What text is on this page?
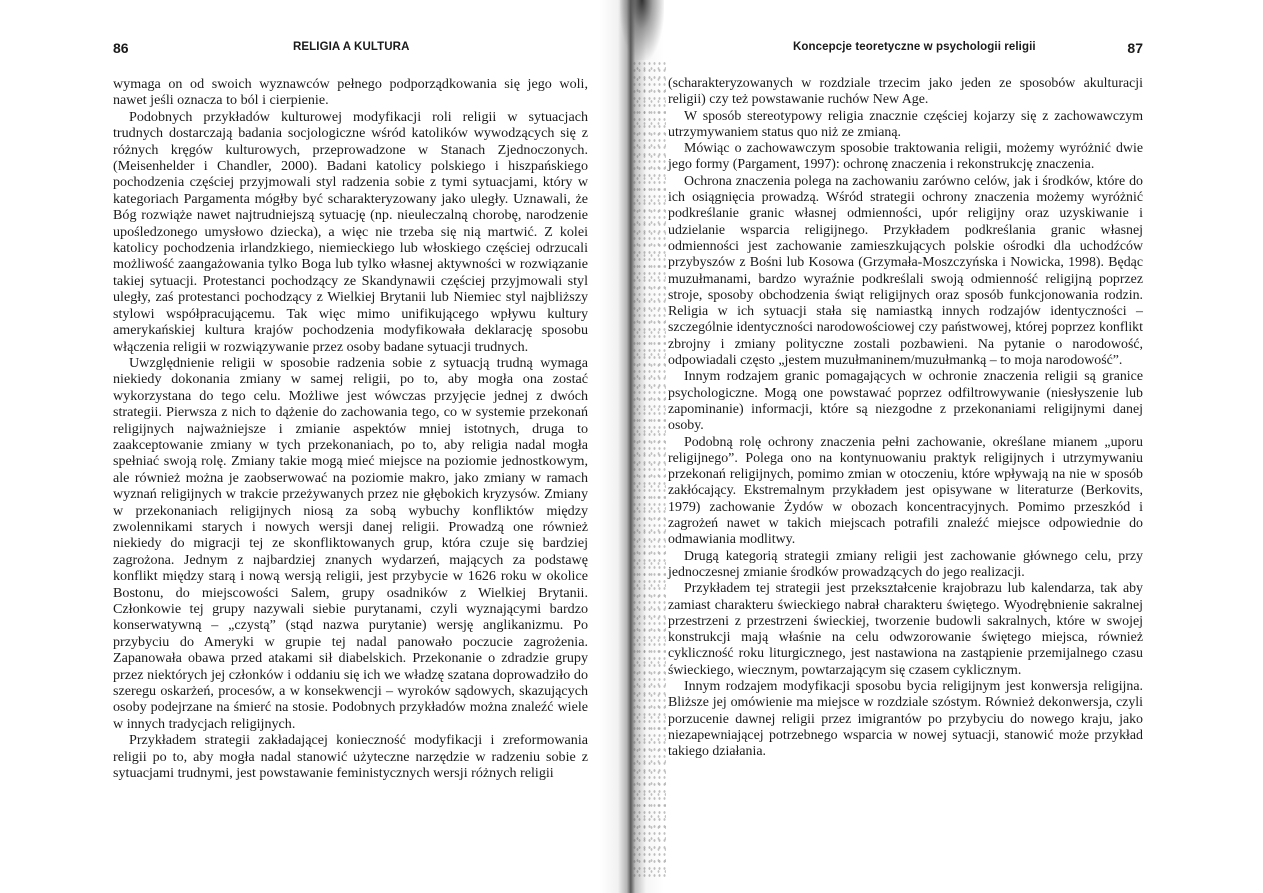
86	RELIGIA A KULTURA

wymaga on od swoich wyznawców pełnego podporządkowania się jego woli, nawet jeśli oznacza to ból i cierpienie.

Podobnych przykładów kulturowej modyfikacji roli religii w sytuacjach trudnych dostarczają badania socjologiczne wśród katolików wywodzących się z różnych kręgów kulturowych, przeprowadzone w Stanach Zjednoczonych. (Meisenhelder i Chandler, 2000). Badani katolicy polskiego i hiszpańskiego pochodzenia częściej przyjmowali styl radzenia sobie z tymi sytuacjami, który w kategoriach Pargamenta mógłby być scharakteryzowany jako uległy. Uznawali, że Bóg rozwiąże nawet najtrudniejszą sytuację (np. nieuleczalną chorobę, narodzenie upośledzonego umysłowo dziecka), a więc nie trzeba się nią martwić. Z kolei katolicy pochodzenia irlandzkiego, niemieckiego lub włoskiego częściej odrzucali możliwość zaangażowania tylko Boga lub tylko własnej aktywności w rozwiązanie takiej sytuacji. Protestanci pochodzący ze Skandynawii częściej przyjmowali styl uległy, zaś protestanci pochodzący z Wielkiej Brytanii lub Niemiec styl najbliższy stylowi współpracującemu. Tak więc mimo unifikującego wpływu kultury amerykańskiej kultura krajów pochodzenia modyfikowała deklarację sposobu włączenia religii w rozwiązywanie przez osoby badane sytuacji trudnych.

Uwzględnienie religii w sposobie radzenia sobie z sytuacją trudną wymaga niekiedy dokonania zmiany w samej religii, po to, aby mogła ona zostać wykorzystana do tego celu. Możliwe jest wówczas przyjęcie jednej z dwóch strategii. Pierwsza z nich to dążenie do zachowania tego, co w systemie przekonań religijnych najważniejsze i zmianie aspektów mniej istotnych, druga to zaakceptowanie zmiany w tych przekonaniach, po to, aby religia nadal mogła spełniać swoją rolę. Zmiany takie mogą mieć miejsce na poziomie jednostkowym, ale również można je zaobserwować na poziomie makro, jako zmiany w ramach wyznań religijnych w trakcie przeżywanych przez nie głębokich kryzysów. Zmiany w przekonaniach religijnych niosą za sobą wybuchy konfliktów między zwolennikami starych i nowych wersji danej religii. Prowadzą one również niekiedy do migracji tej ze skonfliktowanych grup, która czuje się bardziej zagrożona. Jednym z najbardziej znanych wydarzeń, mających za podstawę konflikt między starą i nową wersją religii, jest przybycie w 1626 roku w okolice Bostonu, do miejscowości Salem, grupy osadników z Wielkiej Brytanii. Członkowie tej grupy nazywali siebie purytanami, czyli wyznającymi bardzo konserwatywną – „czystą” (stąd nazwa purytanie) wersję anglikanizmu. Po przybyciu do Ameryki w grupie tej nadal panowało poczucie zagrożenia. Zapanowała obawa przed atakami sił diabelskich. Przekonanie o zdradzie grupy przez niektórych jej członków i oddaniu się ich we władzę szatana doprowadziło do szeregu oskarżeń, procesów, a w konsekwencji – wyroków sądowych, skazujących osoby podejrzane na śmierć na stosie. Podobnych przykładów można znaleźć wiele w innych tradycjach religijnych.

Przykładem strategii zakładającej konieczność modyfikacji i zreformowania religii po to, aby mogła nadal stanowić użyteczne narzędzie w radzeniu sobie z sytuacjami trudnymi, jest powstawanie feministycznych wersji różnych religii

Koncepcje teoretyczne w psychologii religii	87

(scharakteryzowanych w rozdziale trzecim jako jeden ze sposobów akulturacji religii) czy też powstawanie ruchów New Age.

W sposób stereotypowy religia znacznie częściej kojarzy się z zachowawczym utrzymywaniem status quo niż ze zmianą.

Mówiąc o zachowawczym sposobie traktowania religii, możemy wyróżnić dwie jego formy (Pargament, 1997): ochronę znaczenia i rekonstrukcję znaczenia.

Ochrona znaczenia polega na zachowaniu zarówno celów, jak i środków, które do ich osiągnięcia prowadzą. Wśród strategii ochrony znaczenia możemy wyróżnić podkreślanie granic własnej odmienności, upór religijny oraz uzyskiwanie i udzielanie wsparcia religijnego. Przykładem podkreślania granic własnej odmienności jest zachowanie zamieszkujących polskie ośrodki dla uchodźców przybyszów z Bośni lub Kosowa (Grzymała-Moszczyńska i Nowicka, 1998). Będąc muzułmanami, bardzo wyraźnie podkreślali swoją odmienność religijną poprzez stroje, sposoby obchodzenia świąt religijnych oraz sposób funkcjonowania rodzin. Religia w ich sytuacji stała się namiastką innych rodzajów identyczności – szczególnie identyczności narodowościowej czy państwowej, której poprzez konflikt zbrojny i zmiany polityczne zostali pozbawieni. Na pytanie o narodowość, odpowiadali często „jestem muzułmaninem/muzułmanką – to moja narodowość”.

Innym rodzajem granic pomagających w ochronie znaczenia religii są granice psychologiczne. Mogą one powstawać poprzez odfiltrowywanie (niesłyszenie lub zapominanie) informacji, które są niezgodne z przekonaniami religijnymi danej osoby.

Podobną rolę ochrony znaczenia pełni zachowanie, określane mianem „uporu religijnego”. Polega ono na kontynuowaniu praktyk religijnych i utrzymywaniu przekonań religijnych, pomimo zmian w otoczeniu, które wpływają na nie w sposób zakłócający. Ekstremalnym przykładem jest opisywane w literaturze (Berkovits, 1979) zachowanie Żydów w obozach koncentracyjnych. Pomimo przeszkód i zagrożeń nawet w takich miejscach potrafili znaleźć miejsce odpowiednie do odmawiania modlitwy.

Drugą kategorią strategii zmiany religii jest zachowanie głównego celu, przy jednoczesnej zmianie środków prowadzących do jego realizacji.

Przykładem tej strategii jest przekształcenie krajobrazu lub kalendarza, tak aby zamiast charakteru świeckiego nabrał charakteru świętego. Wyodrębnienie sakralnej przestrzeni z przestrzeni świeckiej, tworzenie budowli sakralnych, które w swojej konstrukcji mają właśnie na celu odwzorowanie świętego miejsca, również cykliczność roku liturgicznego, jest nastawiona na zastąpienie przemijalnego czasu świeckiego, wiecznym, powtarzającym się czasem cyklicznym.

Innym rodzajem modyfikacji sposobu bycia religijnym jest konwersja religijna. Bliższe jej omówienie ma miejsce w rozdziale szóstym. Również dekonwersja, czyli porzucenie dawnej religii przez imigrantów po przybyciu do nowego kraju, jako niezapewniającej potrzebnego wsparcia w nowej sytuacji, stanowić może przykład takiego działania.
